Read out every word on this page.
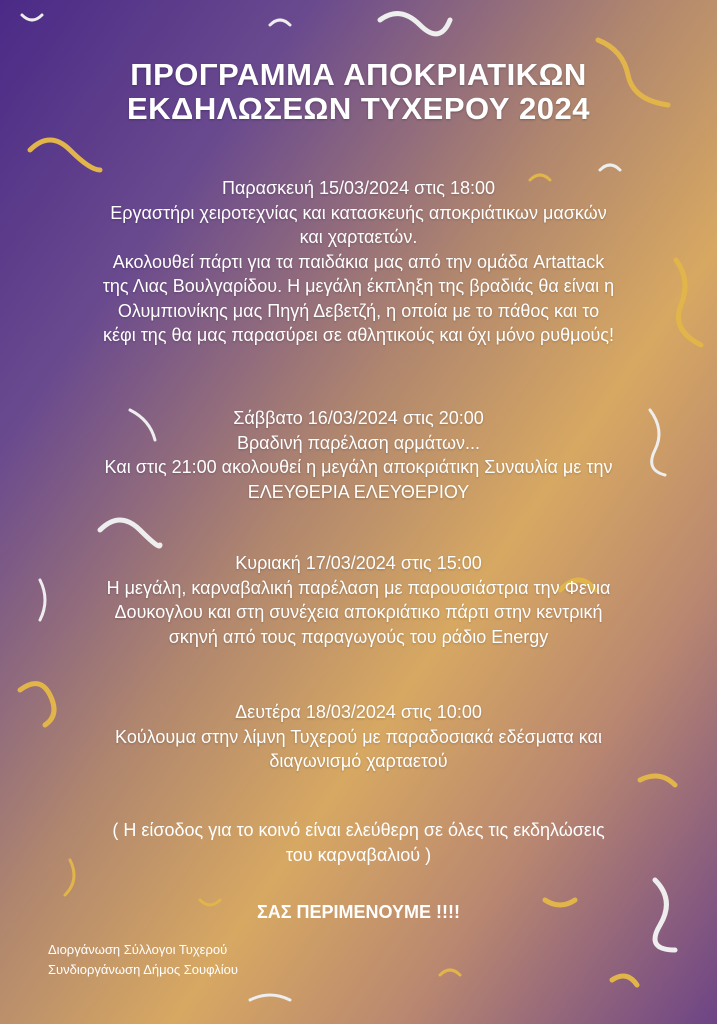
ΠΡΟΓΡΑΜΜΑ ΑΠΟΚΡΙΑΤΙΚΩΝ
ΕΚΔΗΛΩΣΕΩΝ ΤΥΧΕΡΟΥ 2024
Παρασκευή 15/03/2024 στις 18:00
Εργαστήρι χειροτεχνίας και κατασκευής αποκριάτικων μασκών
και χαρταετών.
Ακολουθεί πάρτι για τα παιδάκια μας από την ομάδα Artattack
της Λιας Βουλγαρίδου. Η μεγάλη έκπληξη της βραδιάς θα είναι η
Ολυμπιονίκης μας Πηγή Δεβετζή, η οποία με το πάθος και το
κέφι της θα μας παρασύρει σε αθλητικούς και όχι μόνο ρυθμούς!
Σάββατο 16/03/2024 στις 20:00
Βραδινή παρέλαση αρμάτων...
Και στις 21:00 ακολουθεί η μεγάλη αποκριάτικη Συναυλία με την
ΕΛΕΥΘΕΡΙΑ ΕΛΕΥΘΕΡΙΟΥ
Κυριακή 17/03/2024 στις 15:00
Η μεγάλη, καρναβαλική παρέλαση με παρουσιάστρια την Φενια
Δουκογλου και στη συνέχεια αποκριάτικο πάρτι στην κεντρική
σκηνή από τους παραγωγούς του ράδιο Energy
Δευτέρα 18/03/2024 στις 10:00
Κούλουμα στην λίμνη Τυχερού με παραδοσιακά εδέσματα και
διαγωνισμό χαρταετού
( Η είσοδος για το κοινό είναι ελεύθερη σε όλες τις εκδηλώσεις
του καρναβαλιού )
ΣΑΣ ΠΕΡΙΜΕΝΟΥΜΕ !!!!
Διοργάνωση Σύλλογοι Τυχερού
Συνδιοργάνωση Δήμος Σουφλίου
